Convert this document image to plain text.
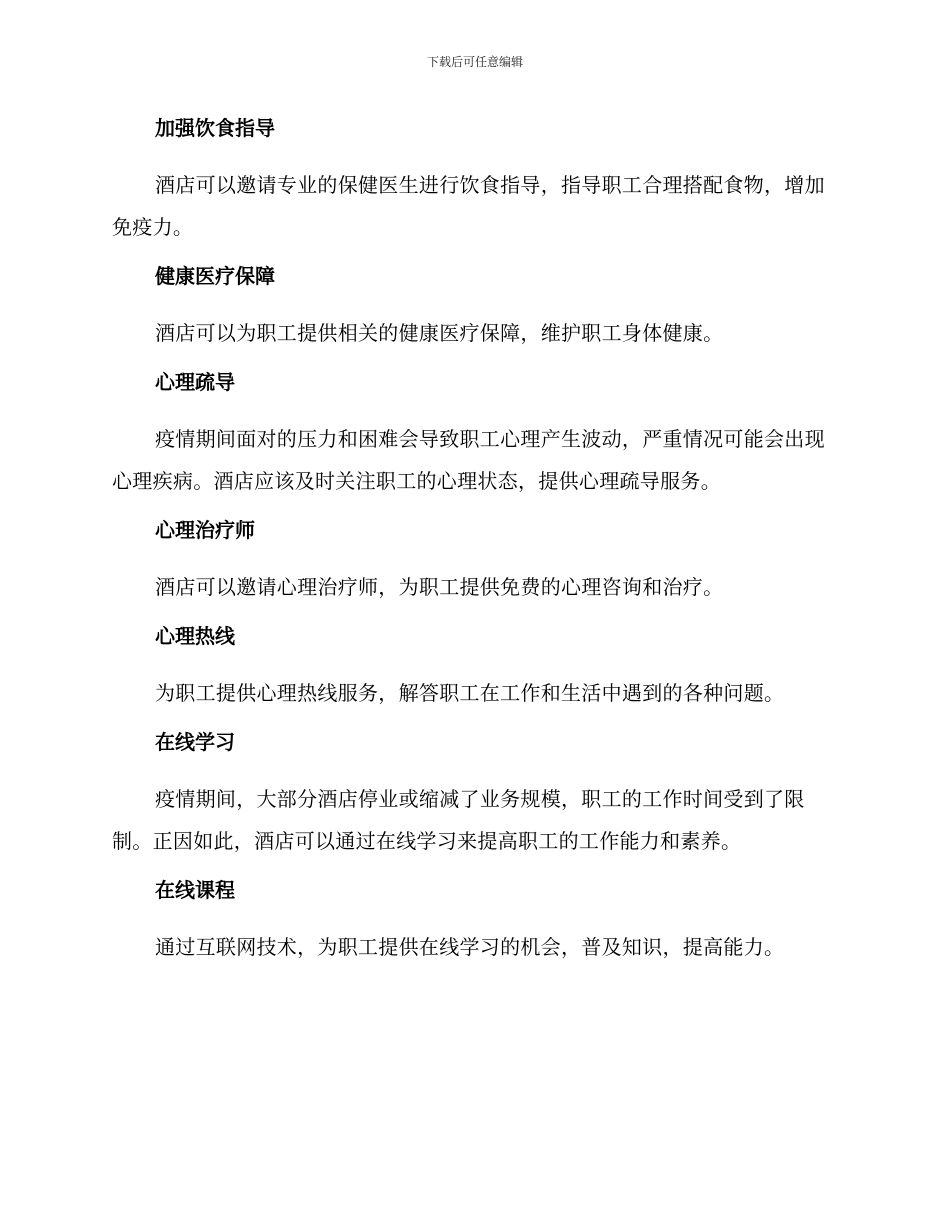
下载后可任意编辑
加强饮食指导

酒店可以邀请专业的保健医生进行饮食指导，指导职工合理搭配食物，增加免疫力。

健康医疗保障

酒店可以为职工提供相关的健康医疗保障，维护职工身体健康。

心理疏导

疫情期间面对的压力和困难会导致职工心理产生波动，严重情况可能会出现心理疾病。酒店应该及时关注职工的心理状态，提供心理疏导服务。

心理治疗师

酒店可以邀请心理治疗师，为职工提供免费的心理咨询和治疗。

心理热线

为职工提供心理热线服务，解答职工在工作和生活中遇到的各种问题。

在线学习

疫情期间，大部分酒店停业或缩减了业务规模，职工的工作时间受到了限制。正因如此，酒店可以通过在线学习来提高职工的工作能力和素养。

在线课程

通过互联网技术，为职工提供在线学习的机会，普及知识，提高能力。
